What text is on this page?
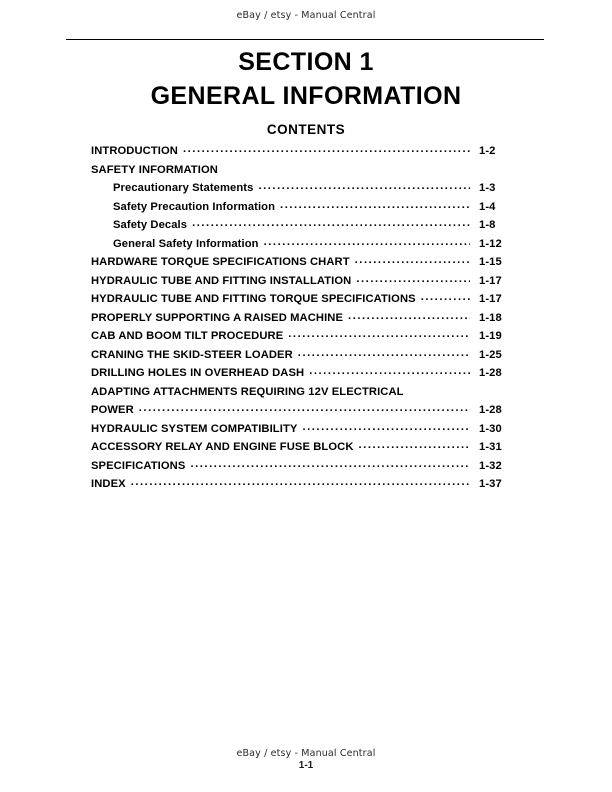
eBay / etsy - Manual Central
SECTION 1
GENERAL INFORMATION
CONTENTS
INTRODUCTION .....	1-2
SAFETY INFORMATION
Precautionary Statements .....	1-3
Safety Precaution Information .....	1-4
Safety Decals .....	1-8
General Safety Information .....	1-12
HARDWARE TORQUE SPECIFICATIONS CHART .....	1-15
HYDRAULIC TUBE AND FITTING INSTALLATION .....	1-17
HYDRAULIC TUBE AND FITTING TORQUE SPECIFICATIONS .....	1-17
PROPERLY SUPPORTING A RAISED MACHINE .....	1-18
CAB AND BOOM TILT PROCEDURE .....	1-19
CRANING THE SKID-STEER LOADER .....	1-25
DRILLING HOLES IN OVERHEAD DASH .....	1-28
ADAPTING ATTACHMENTS REQUIRING 12V ELECTRICAL
POWER .....	1-28
HYDRAULIC SYSTEM COMPATIBILITY .....	1-30
ACCESSORY RELAY AND ENGINE FUSE BLOCK .....	1-31
SPECIFICATIONS .....	1-32
INDEX .....	1-37
eBay / etsy - Manual Central
1-1
